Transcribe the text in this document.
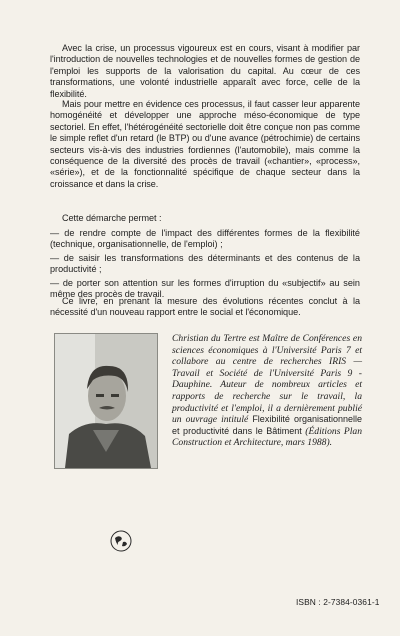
Avec la crise, un processus vigoureux est en cours, visant à modifier par l'introduction de nouvelles technologies et de nouvelles formes de gestion de l'emploi les supports de la valorisation du capital. Au cœur de ces transformations, une volonté industrielle apparaît avec force, celle de la flexibilité.

Mais pour mettre en évidence ces processus, il faut casser leur apparente homogénéité et développer une approche méso-économique de type sectoriel. En effet, l'hétérogénéité sectorielle doit être conçue non pas comme le simple reflet d'un retard (le BTP) ou d'une avance (pétrochimie) de certains secteurs vis-à-vis des industries fordiennes (l'automobile), mais comme la conséquence de la diversité des procès de travail («chantier», «process», «série»), et de la fonctionnalité spécifique de chaque secteur dans la croissance et dans la crise.

Cette démarche permet :

— de rendre compte de l'impact des différentes formes de la flexibilité (technique, organisationnelle, de l'emploi) ;
— de saisir les transformations des déterminants et des contenus de la productivité ;
— de porter son attention sur les formes d'irruption du «subjectif» au sein même des procès de travail.

Ce livre, en prenant la mesure des évolutions récentes conclut à la nécessité d'un nouveau rapport entre le social et l'économique.

Christian du Tertre est Maître de Conférences en sciences économiques à l'Université Paris 7 et collabore au centre de recherches IRIS — Travail et Société de l'Université Paris 9 - Dauphine. Auteur de nombreux articles et rapports de recherche sur le travail, la productivité et l'emploi, il a dernièrement publié un ouvrage intitulé Flexibilité organisationnelle et productivité dans le Bâtiment (Éditions Plan Construction et Architecture, mars 1988).

ISBN : 2-7384-0361-1
